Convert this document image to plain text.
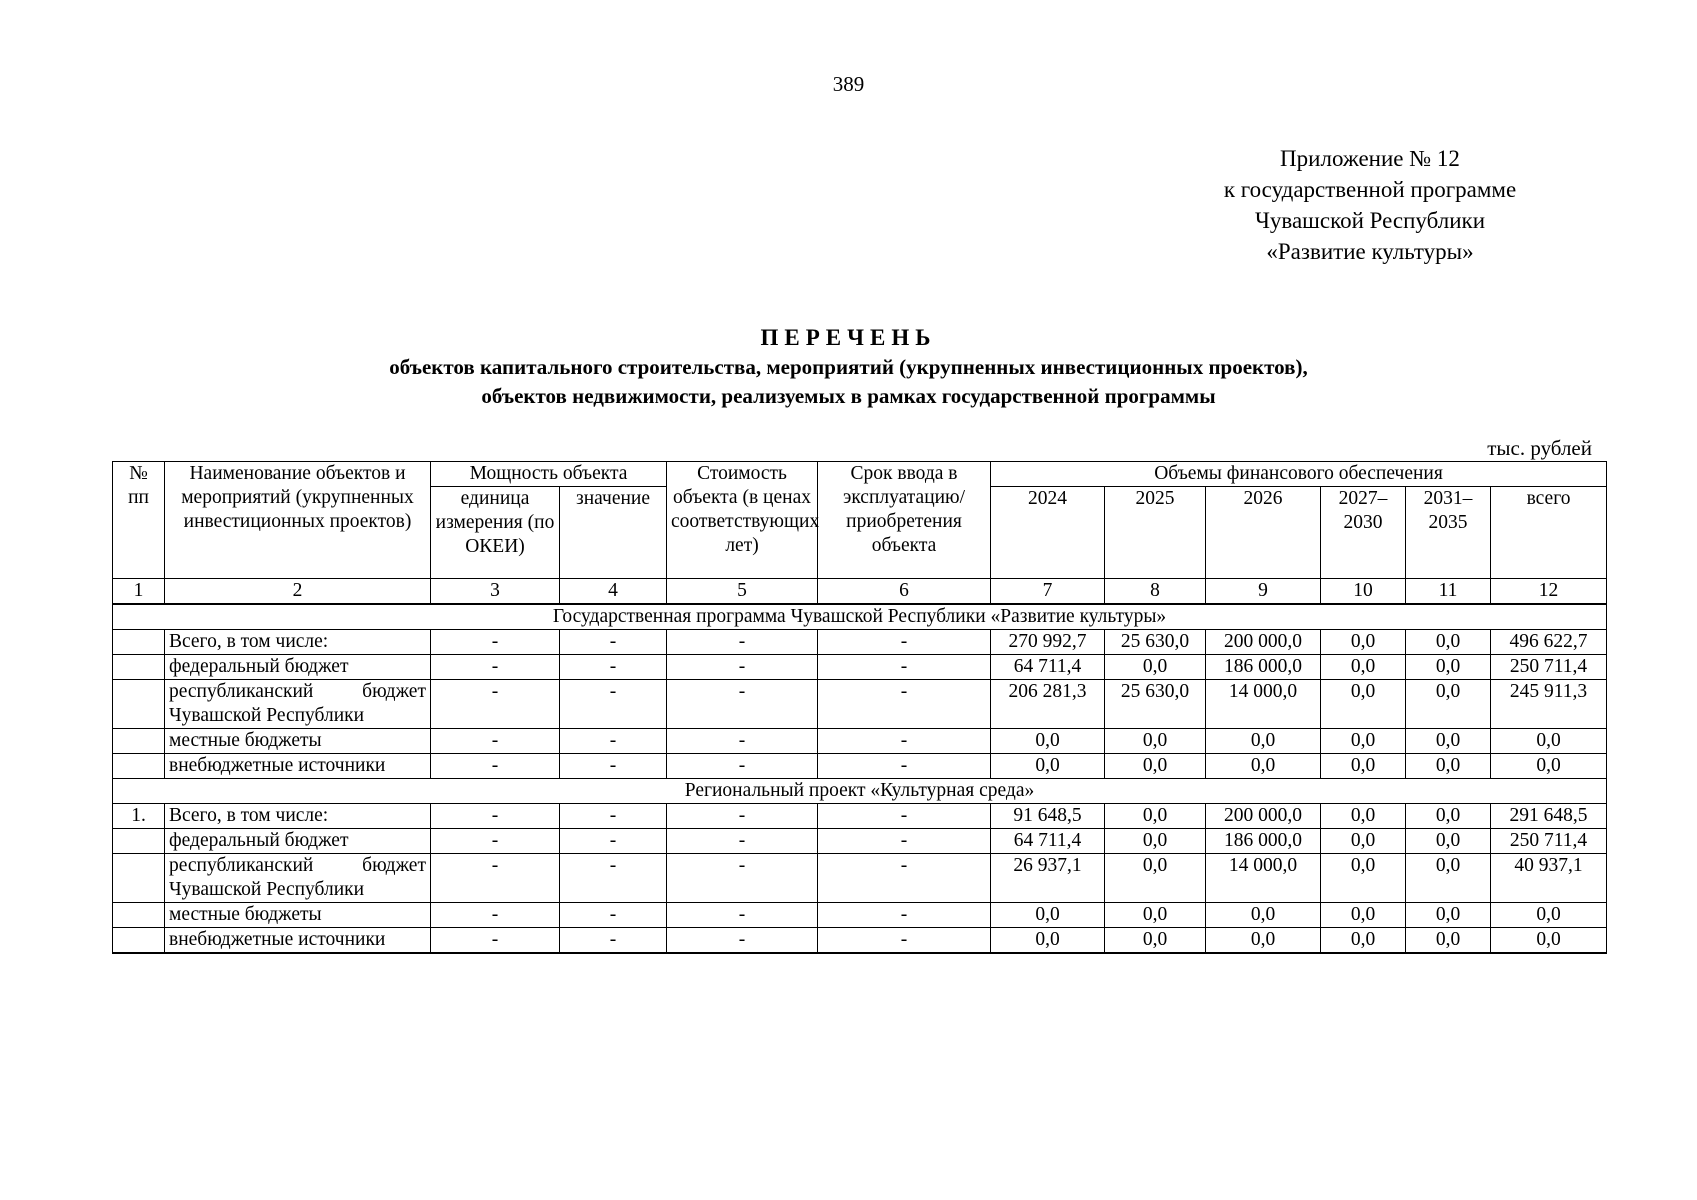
389
Приложение № 12
к государственной программе
Чувашской Республики
«Развитие культуры»
ПЕРЕЧЕНЬ
объектов капитального строительства, мероприятий (укрупненных инвестиционных проектов),
объектов недвижимости, реализуемых в рамках государственной программы
тыс. рублей
№ пп	Наименование объектов и мероприятий (укрупненных инвестиционных проектов)	Мощность объекта		Стоимость объекта (в ценах соответствующих лет)	Срок ввода в эксплуатацию/приобретения объекта	Объемы финансового обеспечения					
		единица измерения (по ОКЕИ)	значение			2024	2025	2026	2027–2030	2031–2035	всего
1	2	3	4	5	6	7	8	9	10	11	12
Государственная программа Чувашской Республики «Развитие культуры»											
	Всего, в том числе:	-	-	-	-	270 992,7	25 630,0	200 000,0	0,0	0,0	496 622,7
	федеральный бюджет	-	-	-	-	64 711,4	0,0	186 000,0	0,0	0,0	250 711,4
	республиканский бюджет Чувашской Республики	-	-	-	-	206 281,3	25 630,0	14 000,0	0,0	0,0	245 911,3
	местные бюджеты	-	-	-	-	0,0	0,0	0,0	0,0	0,0	0,0
	внебюджетные источники	-	-	-	-	0,0	0,0	0,0	0,0	0,0	0,0
Региональный проект «Культурная среда»											
1.	Всего, в том числе:	-	-	-	-	91 648,5	0,0	200 000,0	0,0	0,0	291 648,5
	федеральный бюджет	-	-	-	-	64 711,4	0,0	186 000,0	0,0	0,0	250 711,4
	республиканский бюджет Чувашской Республики	-	-	-	-	26 937,1	0,0	14 000,0	0,0	0,0	40 937,1
	местные бюджеты	-	-	-	-	0,0	0,0	0,0	0,0	0,0	0,0
	внебюджетные источники	-	-	-	-	0,0	0,0	0,0	0,0	0,0	0,0
